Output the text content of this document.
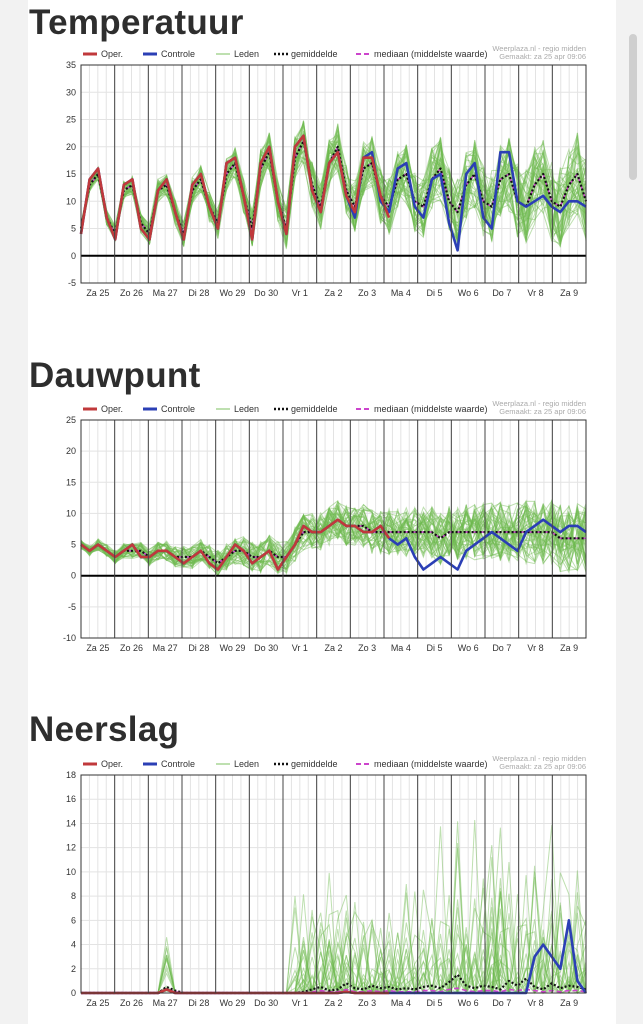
Temperatuur
Oper.	Controle	Leden	gemiddelde	mediaan (middelste waarde)
Weerplaza.nl - regio midden
Gemaakt: za 25 apr 09:06
35
30
25
20
15
10
5
0
-5
Za 25 Zo 26 Ma 27 Di 28 Wo 29 Do 30 Vr 1 Za 2 Zo 3 Ma 4 Di 5 Wo 6 Do 7 Vr 8 Za 9
Dauwpunt
Oper.	Controle	Leden	gemiddelde	mediaan (middelste waarde)
Weerplaza.nl - regio midden
Gemaakt: za 25 apr 09:06
25
20
15
10
5
0
-5
-10
Za 25 Zo 26 Ma 27 Di 28 Wo 29 Do 30 Vr 1 Za 2 Zo 3 Ma 4 Di 5 Wo 6 Do 7 Vr 8 Za 9
Neerslag
Oper.	Controle	Leden	gemiddelde	mediaan (middelste waarde)
Weerplaza.nl - regio midden
Gemaakt: za 25 apr 09:06
18
16
14
12
10
8
6
4
2
0
Za 25 Zo 26 Ma 27 Di 28 Wo 29 Do 30 Vr 1 Za 2 Zo 3 Ma 4 Di 5 Wo 6 Do 7 Vr 8 Za 9
